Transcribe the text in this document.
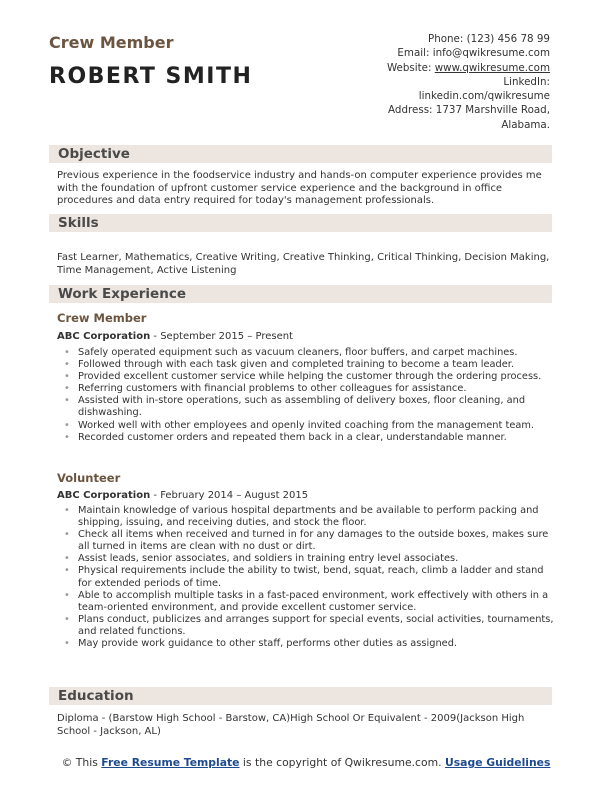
Crew Member
ROBERT SMITH
Phone: (123) 456 78 99
Email: info@qwikresume.com
Website: www.qwikresume.com
LinkedIn:
linkedin.com/qwikresume
Address: 1737 Marshville Road,
Alabama.
Objective

Previous experience in the foodservice industry and hands-on computer experience provides me with the foundation of upfront customer service experience and the background in office procedures and data entry required for today's management professionals.

Skills

Fast Learner, Mathematics, Creative Writing, Creative Thinking, Critical Thinking, Decision Making, Time Management, Active Listening

Work Experience
Crew Member

ABC Corporation - September 2015 – Present

• Safely operated equipment such as vacuum cleaners, floor buffers, and carpet machines.
• Followed through with each task given and completed training to become a team leader.
• Provided excellent customer service while helping the customer through the ordering process.
• Referring customers with financial problems to other colleagues for assistance.
• Assisted with in-store operations, such as assembling of delivery boxes, floor cleaning, and dishwashing.
• Worked well with other employees and openly invited coaching from the management team.
• Recorded customer orders and repeated them back in a clear, understandable manner.
Volunteer

ABC Corporation - February 2014 – August 2015

• Maintain knowledge of various hospital departments and be available to perform packing and shipping, issuing, and receiving duties, and stock the floor.
• Check all items when received and turned in for any damages to the outside boxes, makes sure all turned in items are clean with no dust or dirt.
• Assist leads, senior associates, and soldiers in training entry level associates.
• Physical requirements include the ability to twist, bend, squat, reach, climb a ladder and stand for extended periods of time.
• Able to accomplish multiple tasks in a fast-paced environment, work effectively with others in a team-oriented environment, and provide excellent customer service.
• Plans conduct, publicizes and arranges support for special events, social activities, tournaments, and related functions.
• May provide work guidance to other staff, performs other duties as assigned.
Education

Diploma - (Barstow High School - Barstow, CA)High School Or Equivalent - 2009(Jackson High School - Jackson, AL)

© This Free Resume Template is the copyright of Qwikresume.com. Usage Guidelines
